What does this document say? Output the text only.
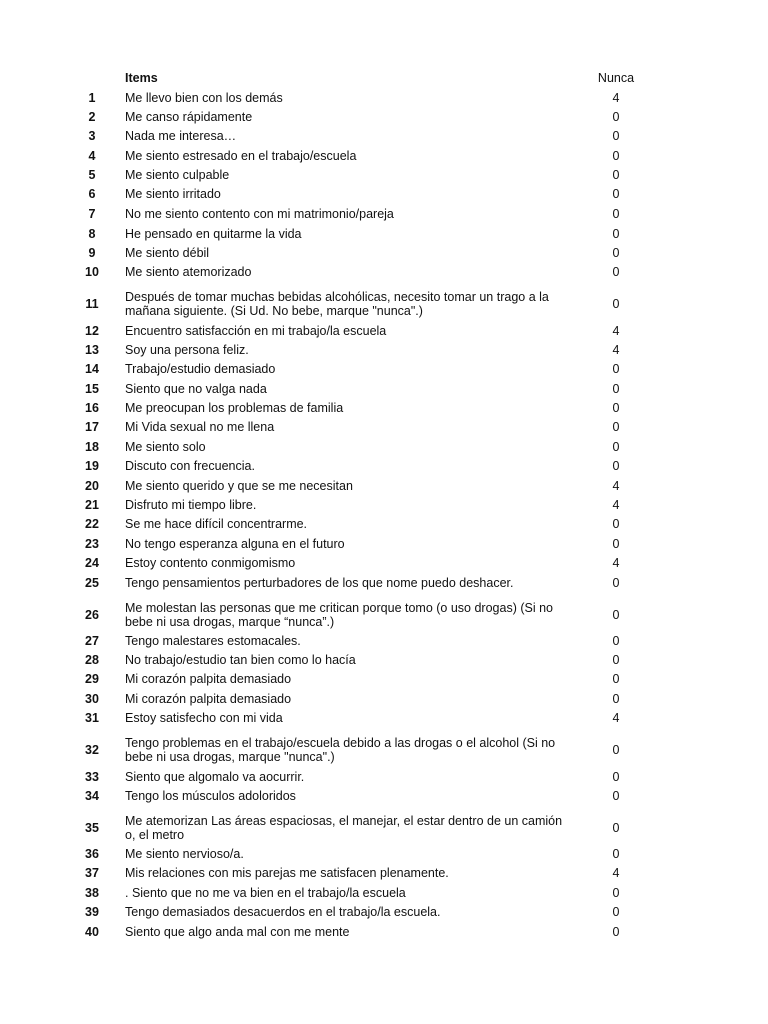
Items	Nunca
1	Me llevo bien con los demás	4
2	Me canso rápidamente	0
3	Nada me interesa…	0
4	Me siento estresado en el trabajo/escuela	0
5	Me siento culpable	0
6	Me siento irritado	0
7	No me siento contento con mi matrimonio/pareja	0
8	He pensado en quitarme la vida	0
9	Me siento débil	0
10	Me siento atemorizado	0
11	Después de tomar muchas bebidas alcohólicas, necesito tomar un trago a la mañana siguiente. (Si Ud. No bebe, marque "nunca".)	0
12	Encuentro satisfacción en mi trabajo/la escuela	4
13	Soy una persona feliz.	4
14	Trabajo/estudio demasiado	0
15	Siento que no valga nada	0
16	Me preocupan los problemas de familia	0
17	Mi Vida sexual no me llena	0
18	Me siento solo	0
19	Discuto con frecuencia.	0
20	Me siento querido y que se me necesitan	4
21	Disfruto mi tiempo libre.	4
22	Se me hace difícil concentrarme.	0
23	No tengo esperanza alguna en el futuro	0
24	Estoy contento conmigomismo	4
25	Tengo pensamientos perturbadores de los que nome puedo deshacer.	0
26	Me molestan las personas que me critican porque tomo (o uso drogas) (Si no bebe ni usa drogas, marque “nunca”.)	0
27	Tengo malestares estomacales.	0
28	No trabajo/estudio tan bien como lo hacía	0
29	Mi corazón palpita demasiado	0
30	Mi corazón palpita demasiado	0
31	Estoy satisfecho con mi vida	4
32	Tengo problemas en el trabajo/escuela debido a las drogas o el alcohol (Si no bebe ni usa drogas, marque "nunca".)	0
33	Siento que algomalo va aocurrir.	0
34	Tengo los músculos adoloridos	0
35	Me atemorizan Las áreas espaciosas, el manejar, el estar dentro de un camión o, el metro	0
36	Me siento nervioso/a.	0
37	Mis relaciones con mis parejas me satisfacen plenamente.	4
38	. Siento que no me va bien en el trabajo/la escuela	0
39	Tengo demasiados desacuerdos en el trabajo/la escuela.	0
40	Siento que algo anda mal con me mente	0
